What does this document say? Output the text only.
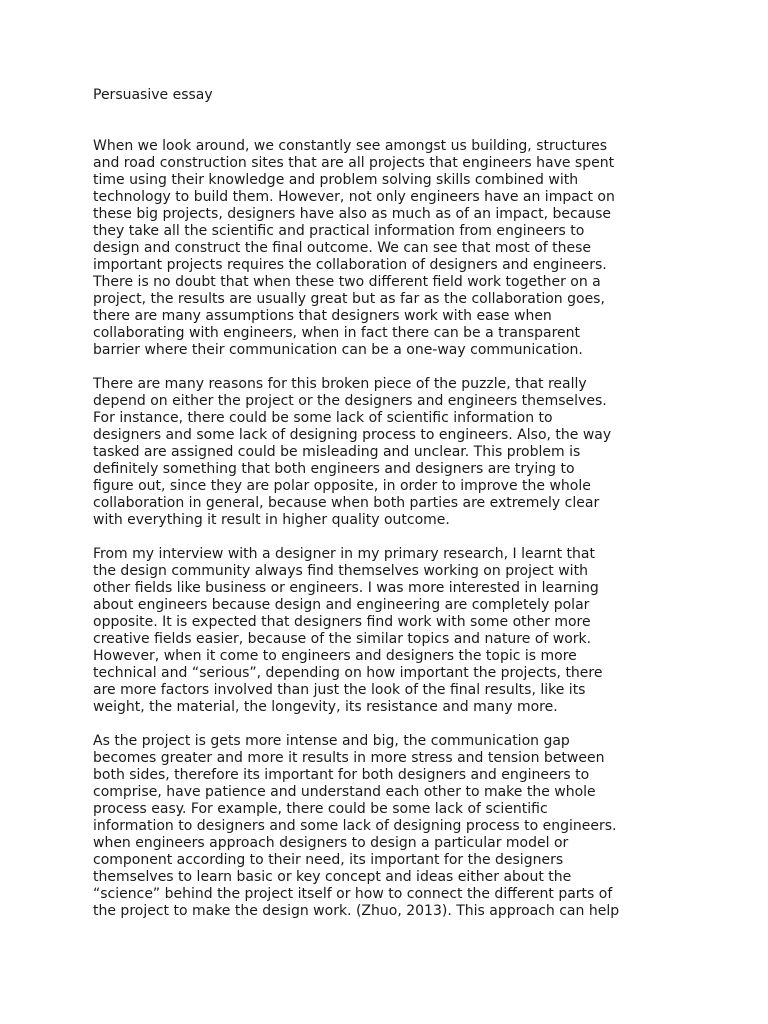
Persuasive essay

When we look around, we constantly see amongst us building, structures
and road construction sites that are all projects that engineers have spent
time using their knowledge and problem solving skills combined with
technology to build them. However, not only engineers have an impact on
these big projects, designers have also as much as of an impact, because
they take all the scientific and practical information from engineers to
design and construct the final outcome. We can see that most of these
important projects requires the collaboration of designers and engineers.
There is no doubt that when these two different field work together on a
project, the results are usually great but as far as the collaboration goes,
there are many assumptions that designers work with ease when
collaborating with engineers, when in fact there can be a transparent
barrier where their communication can be a one-way communication.

There are many reasons for this broken piece of the puzzle, that really
depend on either the project or the designers and engineers themselves.
For instance, there could be some lack of scientific information to
designers and some lack of designing process to engineers. Also, the way
tasked are assigned could be misleading and unclear. This problem is
definitely something that both engineers and designers are trying to
figure out, since they are polar opposite, in order to improve the whole
collaboration in general, because when both parties are extremely clear
with everything it result in higher quality outcome.

From my interview with a designer in my primary research, I learnt that
the design community always find themselves working on project with
other fields like business or engineers. I was more interested in learning
about engineers because design and engineering are completely polar
opposite. It is expected that designers find work with some other more
creative fields easier, because of the similar topics and nature of work.
However, when it come to engineers and designers the topic is more
technical and “serious”, depending on how important the projects, there
are more factors involved than just the look of the final results, like its
weight, the material, the longevity, its resistance and many more.

As the project is gets more intense and big, the communication gap
becomes greater and more it results in more stress and tension between
both sides, therefore its important for both designers and engineers to
comprise, have patience and understand each other to make the whole
process easy. For example, there could be some lack of scientific
information to designers and some lack of designing process to engineers.
when engineers approach designers to design a particular model or
component according to their need, its important for the designers
themselves to learn basic or key concept and ideas either about the
“science” behind the project itself or how to connect the different parts of
the project to make the design work. (Zhuo, 2013). This approach can help
